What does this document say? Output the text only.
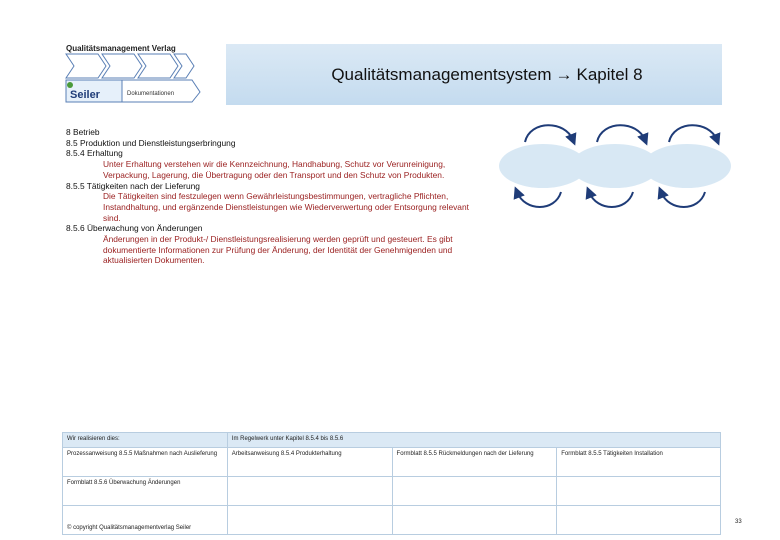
Qualitätsmanagement Verlag
Seiler	Dokumentationen
Qualitätsmanagementsystem → Kapitel 8
8 Betrieb
8.5 Produktion und Dienstleistungserbringung
8.5.4 Erhaltung
Unter Erhaltung verstehen wir die Kennzeichnung, Handhabung, Schutz vor Verunreinigung, Verpackung, Lagerung, die Übertragung oder den Transport und den Schutz von Produkten.
8.5.5 Tätigkeiten nach der Lieferung
Die Tätigkeiten sind festzulegen wenn Gewährleistungsbestimmungen, vertragliche Pflichten, Instandhaltung, und ergänzende Dienstleistungen wie Wiederverwertung oder Entsorgung relevant sind.
8.5.6 Überwachung von Änderungen
Änderungen in der Produkt-/ Dienstleistungsrealisierung werden geprüft und gesteuert. Es gibt dokumentierte Informationen zur Prüfung der Änderung, der Identität der Genehmigenden und aktualisierten Dokumenten.
Wir realisieren dies:	Im Regelwerk unter Kapitel 8.5.4 bis 8.5.6		
Prozessanweisung 8.5.5 Maßnahmen nach Auslieferung	Arbeitsanweisung 8.5.4 Produkterhaltung	Formblatt 8.5.5 Rückmeldungen nach der Lieferung	Formblatt 8.5.5 Tätigkeiten Installation
Formblatt 8.5.6 Überwachung Änderungen			
© copyright Qualitätsmanagementverlag Seiler			
33
